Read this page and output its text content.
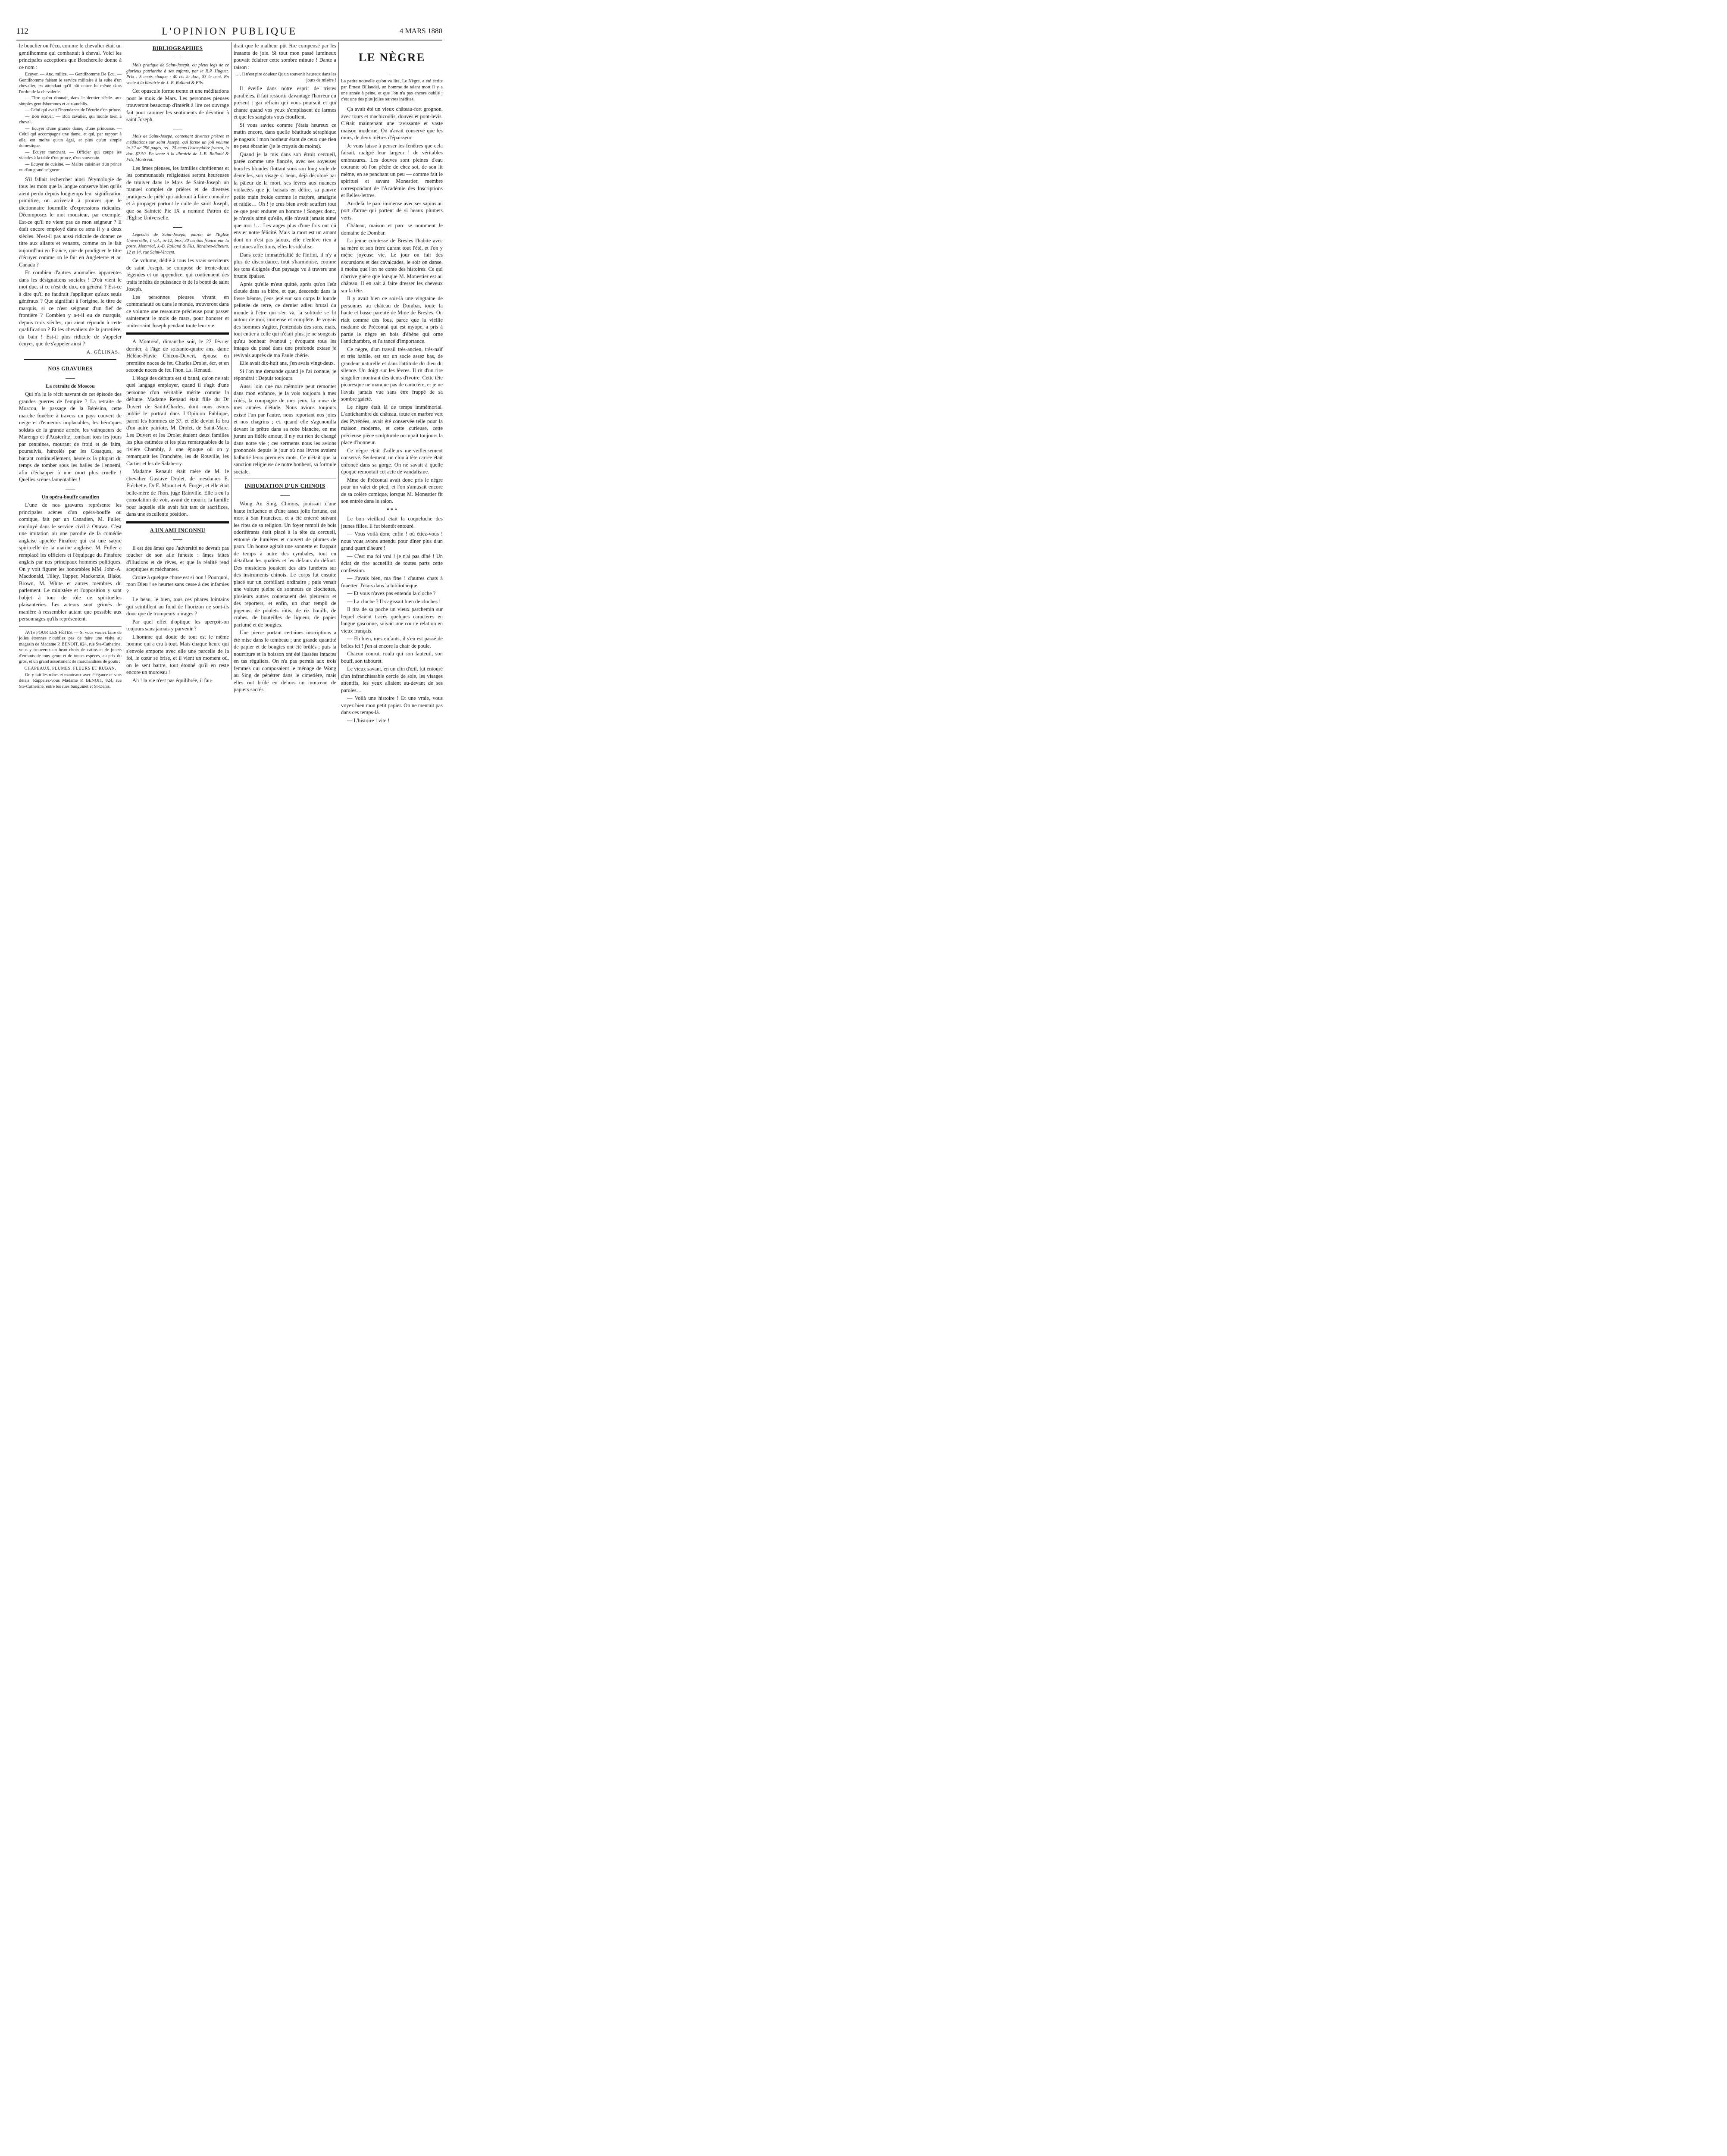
112	L'OPINION PUBLIQUE	4 MARS 1880

le bouclier ou l'écu, comme le chevalier était un gentilhomme qui combattait à cheval. Voici les principales acceptions que Bescherelle donne à ce nom :

Ecuyer. — Anc. milice. — Gentilhomme De Ecu. — Gentilhomme faisant le service militaire à la suite d'un chevalier, en attendant qu'il pût entrer lui-même dans l'ordre de la chevalerie.

— Titre qu'on donnait, dans le dernier siècle. aux simples gentilshommes et aux anoblis.

— Celui qui avait l'intendance de l'écurie d'un prince.

— Bon écuyer. — Bon cavalier, qui monte bien à cheval.

— Ecuyer d'une grande dame, d'une princesse. — Celui qui accompagne une dame, et qui, par rapport à elle, est moins qu'un égal, et plus qu'un simple domestique.

— Ecuyer tranchant. — Officier qui coupe les viandes à la table d'un prince, d'un souverain.

— Ecuyer de cuisine. — Maître cuisinier d'un prince ou d'un grand seigneur.

S'il fallait rechercher ainsi l'étymologie de tous les mots que la langue conserve bien qu'ils aient perdu depuis longtemps leur signification primitive, on arriverait à prouver que le dictionnaire fourmille d'expressions ridicules. Décomposez le mot monsieur, par exemple. Est-ce qu'il ne vient pas de mon seigneur ? Il était encore employé dans ce sens il y a deux siècles. N'est-il pas aussi ridicule de donner ce titre aux allants et venants, comme on le fait aujourd'hui en France, que de prodiguer le titre d'écuyer comme on le fait en Angleterre et au Canada ?

Et combien d'autres anomalies apparentes dans les désignations sociales ! D'où vient le mot duc, si ce n'est de dux, ou général ? Est-ce à dire qu'il ne faudrait l'appliquer qu'aux seuls généraux ? Que signifiait à l'origine, le titre de marquis, si ce n'est seigneur d'un fief de frontière ? Combien y a-t-il eu de marquis, depuis trois siècles, qui aient répondu à cette qualification ? Et les chevaliers de la jarretière, du bain ! Est-il plus ridicule de s'appeler écuyer, que de s'appeler ainsi ?

A. GÉLINAS.
NOS GRAVURES
La retraite de Moscou

Qui n'a lu le récit navrant de cet épisode des grandes guerres de l'empire ? La retraite de Moscou, le passage de la Bérésina, cette marche funèbre à travers un pays couvert de neige et d'ennemis implacables, les héroïques soldats de la grande armée, les vainqueurs de Marengo et d'Austerlitz, tombant tous les jours par centaines, mourant de froid et de faim, poursuivis, harcelés par les Cosaques, se battant continuellement, heureux la plupart du temps de tomber sous les balles de l'ennemi, afin d'échapper à une mort plus cruelle ! Quelles scènes lamentables !

Un opéra-bouffe canadien

L'une de nos gravures représente les principales scènes d'un opéra-bouffe ou comique, fait par un Canadien, M. Fuller, employé dans le service civil à Ottawa. C'est une imitation ou une parodie de la comédie anglaise appelée Pinafore qui est une satyre spirituelle de la marine anglaise. M. Fuller a remplacé les officiers et l'équipage du Pinafore anglais par nos principaux hommes politiques. On y voit figurer les honorables MM. John-A. Macdonald, Tilley, Tupper, Mackenzie, Blake, Brown, M. White et autres membres du parlement. Le ministère et l'opposition y sont l'objet à tour de rôle de spirituelles plaisanteries. Les acteurs sont grimés de manière à ressembler autant que possible aux personnages qu'ils représentent.

AVIS POUR LES FÊTES. — Si vous voulez faire de jolies étrennes n'oubliez pas de faire une visite au magasin de Madame P. BENOIT, 824, rue Ste-Catherine, vous y trouverez un beau choix de catins et de jouets d'enfants de tous genre et de toutes espèces, au prix du gros, et un grand assortiment de marchandises de goûts :

CHAPEAUX, PLUMES, FLEURS ET RUBAN.

On y fait les robes et manteaux avec élégance et sans délais. Rappelez-vous Madame P. BENOIT, 824, rue Ste-Catherine, entre les rues Sanguinet et St-Denis.

BIBLIOGRAPHIES

Mois pratique de Saint-Joseph, ou pieux legs de ce glorieux patriarche à ses enfants, par le R.P. Huguet. Prix : 5 cents chaque ; 40 cts la doz., $3 le cent. En vente à la librairie de J.-B. Rolland & Fils.

Cet opuscule forme trente et une méditations pour le mois de Mars. Les personnes pieuses trouveront beaucoup d'intérêt à lire cet ouvrage fait pour ranimer les sentiments de dévotion à saint Joseph.

Mois de Saint-Joseph, contenant diverses prières et méditations sur saint Joseph, qui forme un joli volume in-32 de 256 pages, rel., 25 cents l'exemplaire franco, la doz. $2.50. En vente à la librairie de J.-B. Rolland & Fils, Montréal.

Les âmes pieuses, les familles chrétiennes et les communautés religieuses seront heureuses de trouver dans le Mois de Saint-Joseph un manuel complet de prières et de diverses pratiques de piété qui aideront à faire connaître et à propager partout le culte de saint Joseph, que sa Sainteté Pie IX a nommé Patron de l'Eglise Universelle.

Légendes de Saint-Joseph, patron de l'Eglise Universelle, 1 vol., in-12, bro., 30 centins franco par la poste. Montréal, J.-B. Rolland & Fils, libraires-éditeurs, 12 et 14, rue Saint-Vincent.

Ce volume, dédié à tous les vrais serviteurs de saint Joseph, se compose de trente-deux légendes et un appendice, qui contiennent des traits inédits de puissance et de la bonté de saint Joseph.

Les personnes pieuses vivant en communauté ou dans le monde, trouveront dans ce volume une ressource précieuse pour passer saintement le mois de mars, pour honorer et imiter saint Joseph pendant toute leur vie.

A Montréal, dimanche soir, le 22 février dernier, à l'âge de soixante-quatre ans, dame Hélène-Flavie Chicou-Duvert, épouse en première noces de feu Charles Drolet, écr, et en seconde noces de feu l'hon. Ls. Renaud.

L'éloge des défunts est si banal, qu'on ne sait quel langage employer, quand il s'agit d'une personne d'un véritable mérite comme la défunte. Madame Renaud était fille du Dr Duvert de Saint-Charles, dont nous avons publié le portrait dans L'Opinion Publique, parmi les hommes de 37, et elle devint la bru d'un autre patriote, M. Drolet, de Saint-Marc. Les Duvert et les Drolet étaient deux familles les plus estimées et les plus remarquables de la rivière Chambly, à une époque où on y remarquait les Franchère, les de Rouville, les Cartier et les de Salaberry.

Madame Renault était mère de M. le chevalier Gustave Drolet, de mesdames E. Fréchette, Dr E. Mount et A. Forget, et elle était belle-mère de l'hon. juge Rainville. Elle a eu la consolation de voir, avant de mourir, la famille pour laquelle elle avait fait tant de sacrifices, dans une excellente position.

A UN AMI INCONNU

Il est des âmes que l'adversité ne devrait pas toucher de son aile funeste : âmes faites d'illusions et de rêves, et que la réalité rend sceptiques et méchantes.

Croire à quelque chose est si bon ! Pourquoi, mon Dieu ! se heurter sans cesse à des infamies ?

Le beau, le bien, tous ces phares lointains qui scintillent au fond de l'horizon ne sont-ils donc que de trompeurs mirages ?

Par quel effet d'optique les aperçoit-on toujours sans jamais y parvenir ?

L'homme qui doute de tout est le même homme qui a cru à tout. Mais chaque heure qui s'envole emporte avec elle une parcelle de la foi, le cœur se brise, et il vient un moment où, on le sent battre, tout étonné qu'il en reste encore un morceau !

Ah ! la vie n'est pas équilibrée, il fau-

drait que le malheur pût être compensé par les instants de joie. Si tout mon passé lumineux pouvait éclairer cette sombre minute ! Dante a raison :

…. Il n'est pire douleur Qu'un souvenir heureux dans les jours de misère !

Il éveille dans notre esprit de tristes parallèles, il fait ressortir davantage l'horreur du présent : gai refrain qui vous poursuit et qui chante quand vos yeux s'emplissent de larmes et que les sanglots vous étouffent.

Si vous saviez comme j'étais heureux ce matin encore, dans quelle béatitude séraphique je nageais ! mon bonheur étant de ceux que rien ne peut ébranler (je le croyais du moins).

Quand je la mis dans son étroit cercueil, parée comme une fiancée, avec ses soyeuses boucles blondes flottant sous son long voile de dentelles, son visage si beau, déjà décoloré par la pâleur de la mort, ses lèvres aux nuances violacées que je baisais en délire, sa pauvre petite main froide comme le marbre, amaigrie et raidie… Oh ! je crus bien avoir souffert tout ce que peut endurer un homme ! Songez donc, je n'avais aimé qu'elle, elle n'avait jamais aimé que moi !… Les anges plus d'une fois ont dû envier notre félicité. Mais la mort est un amant dont on n'est pas jaloux, elle n'enlève rien à certaines affections, elles les idéalise.

Dans cette immatérialité de l'infini, il n'y a plus de discordance, tout s'harmonise, comme les tons éloignés d'un paysage vu à travers une brume épaisse.

Après qu'elle m'eut quitté, après qu'on l'eût clouée dans sa bière, et que, descendu dans la fosse béante, j'eus jeté sur son corps la lourde pelletée de terre, ce dernier adieu brutal du monde à l'être qui s'en va, la solitude se fit autour de moi, immense et complète. Je voyais des hommes s'agiter, j'entendais des sons, mais, tout entier à celle qui n'était plus, je ne songeais qu'au bonheur évanoui ; évoquant tous les images du passé dans une profonde extase je revivais auprès de ma Paule chérie.

Elle avait dix-huit ans, j'en avais vingt-deux.

Si l'on me demande quand je l'ai connue, je répondrai : Depuis toujours.

Aussi loin que ma mémoire peut remonter dans mon enfance, je la vois toujours à mes côtés, la compagne de mes jeux, la muse de mes années d'étude. Nous avions toujours existé l'un par l'autre, nous reportant nos joies et nos chagrins ; et, quand elle s'agenouilla devant le prêtre dans sa robe blanche, en me jurant un fidèle amour, il n'y eut rien de changé dans notre vie ; ces serments nous les avions prononcés depuis le jour où nos lèvres avaient balbutié leurs premiers mots. Ce n'était que la sanction religieuse de notre bonheur, sa formule sociale.

INHUMATION D'UN CHINOIS

Wong Au Sing, Chinois, jouissait d'une haute influence et d'une assez jolie fortune, est mort à San Francisco, et a été enterré suivant les rites de sa religion. Un foyer rempli de bois odoriférants était placé à la tête du cercueil, entouré de lumières et couvert de plumes de paon. Un bonze agitait une sonnette et frappait de temps à autre des cymbales, tout en détaillant les qualités et les défauts du défunt. Des musiciens jouaient des airs funèbres sur des instruments chinois. Le corps fut ensuite placé sur un corbillard ordinaire ; puis venait une voiture pleine de sonneurs de clochettes, plusieurs autres contenaient des pleureurs et des reporters, et enfin, un char rempli de pigeons, de poulets rôtis, de riz bouilli, de crabes, de bouteilles de liqueur, de papier parfumé et de bougies.

Une pierre portant certaines inscriptions a été mise dans le tombeau ; une grande quantité de papier et de bougies ont été brûlés ; puis la nourriture et la boisson ont été liassées intactes en tas réguliers. On n'a pas permis aux trois femmes qui composaient le ménage de Wong au Sing de pénétrer dans le cimetière, mais elles ont brûlé en dehors un monceau de papiers sacrés.

LE NÈGRE
La petite nouvelle qu'on va lire, Le Nègre, a été écrite par Ernest Billaudel, un homme de talent mort il y a une année à peine, et que l'on n'a pas encore oublié ; c'est une des plus jolies œuvres inédites.

Ça avait été un vieux château-fort grognon, avec tours et machicoulis, douves et pont-levis. C'était maintenant une ravissante et vaste maison moderne. On n'avait conservé que les murs, de deux mètres d'épaisseur.

Je vous laisse à penser les fenêtres que cela faisait, malgré leur largeur ! de véritables embrasures. Les douves sont pleines d'eau courante où l'on pêche de chez soi, de son lit même, en se penchant un peu — comme fait le spirituel et savant Monestier, membre correspondant de l'Académie des Inscriptions et Belles-lettres.

Au-delà, le parc immense avec ses sapins au port d'arme qui portent de si beaux plumets verts.

Château, maison et parc se nomment le domaine de Dombar.

La jeune comtesse de Bresles l'habite avec sa mère et son frère durant tout l'été, et l'on y mène joyeuse vie. Le jour on fait des excursions et des cavalcades, le soir on danse, à moins que l'on ne conte des histoires. Ce qui n'arrive guère que lorsque M. Monestier est au château. Il en sait à faire dresser les cheveux sur la tête.

Il y avait bien ce soir-là une vingtaine de personnes au château de Dombar, toute la haute et basse parenté de Mme de Bresles. On riait comme des fous, parce que la vieille madame de Précontal qui est myope, a pris à partie le nègre en bois d'ébène qui orne l'antichambre, et l'a tancé d'importance.

Ce nègre, d'un travail très-ancien, très-naïf et très habile, est sur un socle assez bas, de grandeur naturelle et dans l'attitude du dieu du silence. Un doigt sur les lèvres. Il rit d'un rire singulier montrant des dents d'ivoire. Cette tête picaresque ne manque pas de caractère, et je ne l'avais jamais vue sans être frappé de sa sombre gaieté.

Le nègre était là de temps immémorial. L'antichambre du château, toute en marbre vert des Pyrénées, avait été conservée telle pour la maison moderne, et cette curieuse, cette précieuse pièce sculpturale occupait toujours la place d'honneur.

Ce nègre était d'ailleurs merveilleusement conservé. Seulement, un clou à tête carrée était enfoncé dans sa gorge. On ne savait à quelle époque remontait cet acte de vandalisme.

Mme de Précontal avait donc pris le nègre pour un valet de pied, et l'on s'amusait encore de sa colère comique, lorsque M. Monestier fit son entrée dans le salon.

* * *

Le bon vieillard était la coqueluche des jeunes filles. Il fut bientôt entouré.

— Vous voilà donc enfin ! où étiez-vous ! nous vous avons attendu pour dîner plus d'un grand quart d'heure !

— C'est ma foi vrai ! je n'ai pas dîné ! Un éclat de rire accueillit de toutes parts cette confession.

— J'avais bien, ma fine ! d'autres chats à fouetter. J'étais dans la bibliothèque.

— Et vous n'avez pas entendu la cloche ?

— La cloche ? Il s'agissait bien de cloches !

Il tira de sa poche un vieux parchemin sur lequel étaient tracés quelques caractères en langue gasconne, suivait une courte relation en vieux français.

— Eh bien, mes enfants, il s'en est passé de belles ici ! j'en ai encore la chair de poule.

Chacun courut, roula qui son fauteuil, son bouff, son tabouret.

Le vieux savant, en un clin d'œil, fut entouré d'un infranchissable cercle de soie, les visages attentifs, les yeux allaient au-devant de ses paroles…

— Voilà une histoire ! Et une vraie, vous voyez bien mon petit papier. On ne mentait pas dans ces temps-là.

— L'histoire ! vite !
